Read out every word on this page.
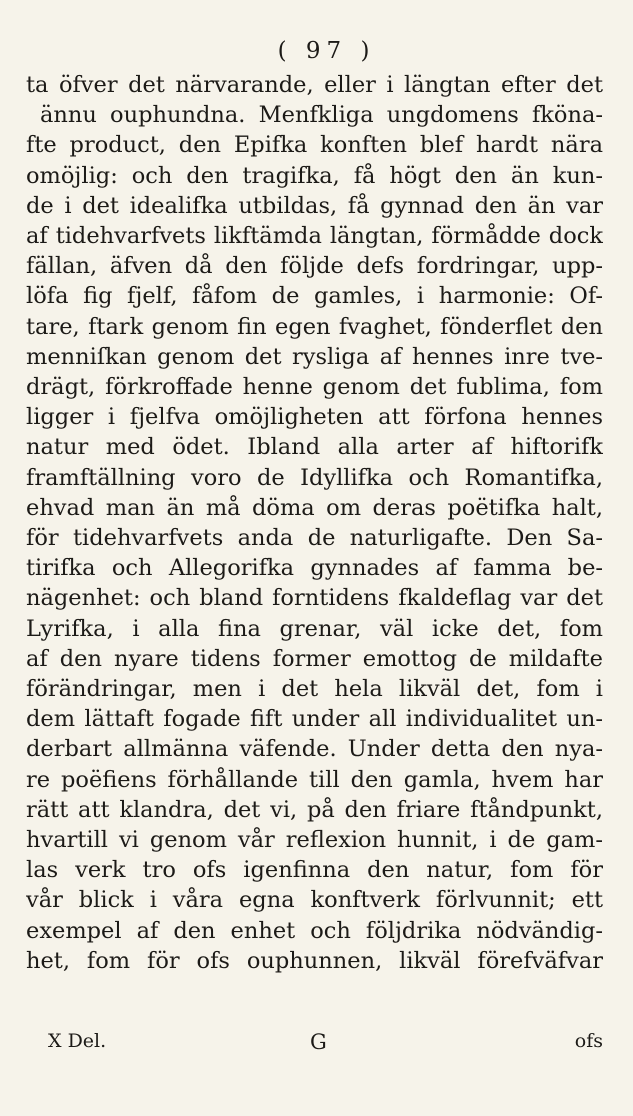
( 97 )
ta öfver det närvarande, eller i längtan efter det
ännu ouphundna. Menfkliga ungdomens fköna-
fte product, den Epifka konften blef hardt nära
omöjlig: och den tragifka, få högt den än kun-
de i det idealifka utbildas, få gynnad den än var
af tidehvarfvets likftämda längtan, förmådde dock
fällan, äfven då den följde defs fordringar, upp-
löfa fig fjelf, fåfom de gamles, i harmonie: Of-
tare, ftark genom fin egen fvaghet, fönderflet den
menniſkan genom det rysliga af hennes inre tve-
drägt, förkroffade henne genom det fublima, fom
ligger i fjelfva omöjligheten att förfona hennes
natur med ödet. Ibland alla arter af hiftorifk
framftällning voro de Idyllifka och Romantifka,
ehvad man än må döma om deras poëtifka halt,
för tidehvarfvets anda de naturligafte. Den Sa-
tirifka och Allegorifka gynnades af famma be-
nägenhet: och bland forntidens fkaldeflag var det
Lyrifka, i alla fina grenar, väl icke det, fom
af den nyare tidens former emottog de mildafte
förändringar, men i det hela likväl det, fom i
dem lättaft fogade fift under all individualitet un-
derbart allmänna väfende. Under detta den nya-
re poëfiens förhållande till den gamla, hvem har
rätt att klandra, det vi, på den friare ftåndpunkt,
hvartill vi genom vår reflexion hunnit, i de gam-
las verk tro ofs igenfinna den natur, fom för
vår blick i våra egna konftverk förlvunnit; ett
exempel af den enhet och följdrika nödvändig-
het, fom för ofs ouphunnen, likväl förefväfvar
X Del.	G	ofs
